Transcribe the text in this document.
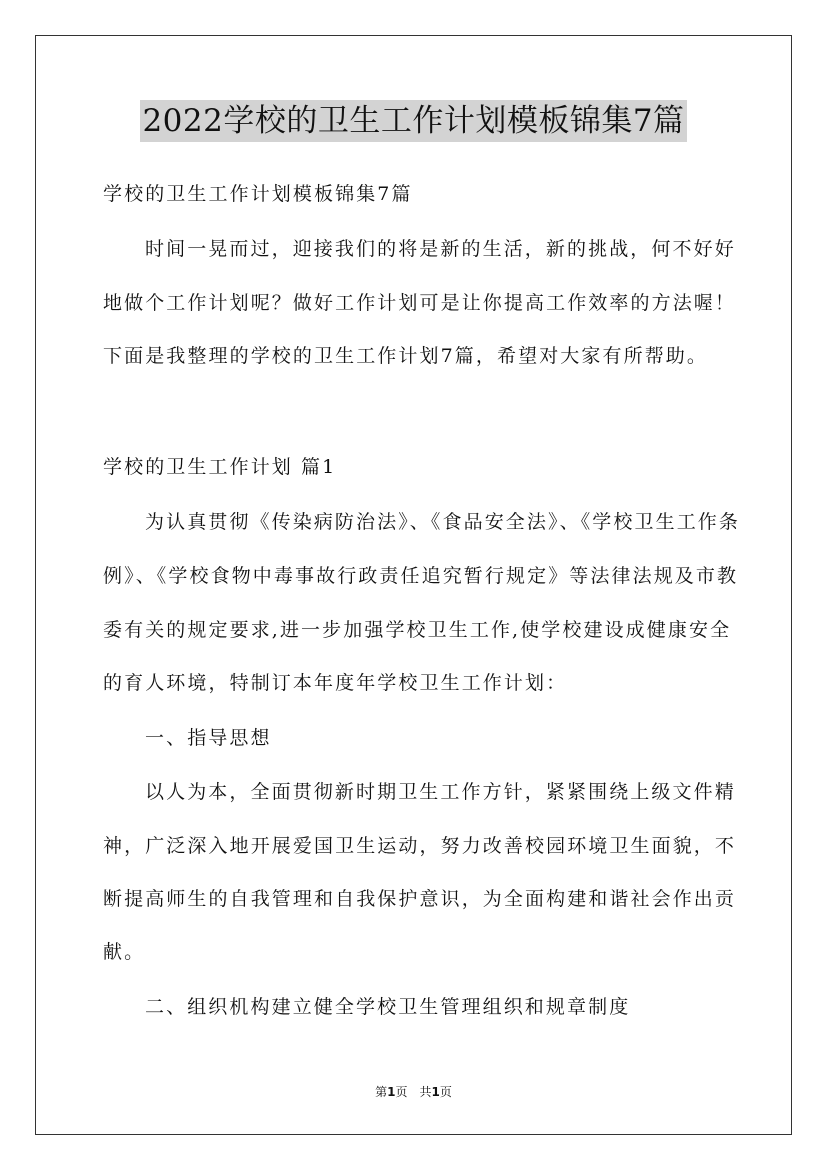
2022学校的卫生工作计划模板锦集7篇
学校的卫生工作计划模板锦集7篇
时间一晃而过，迎接我们的将是新的生活，新的挑战，何不好好
地做个工作计划呢？做好工作计划可是让你提高工作效率的方法喔！
下面是我整理的学校的卫生工作计划7篇，希望对大家有所帮助。
学校的卫生工作计划 篇1
为认真贯彻《传染病防治法》、《食品安全法》、《学校卫生工作条
例》、《学校食物中毒事故行政责任追究暂行规定》等法律法规及市教
委有关的规定要求,进一步加强学校卫生工作,使学校建设成健康安全
的育人环境，特制订本年度年学校卫生工作计划：
一、指导思想
以人为本，全面贯彻新时期卫生工作方针，紧紧围绕上级文件精
神，广泛深入地开展爱国卫生运动，努力改善校园环境卫生面貌，不
断提高师生的自我管理和自我保护意识，为全面构建和谐社会作出贡
献。
二、组织机构建立健全学校卫生管理组织和规章制度
第1页　共1页
